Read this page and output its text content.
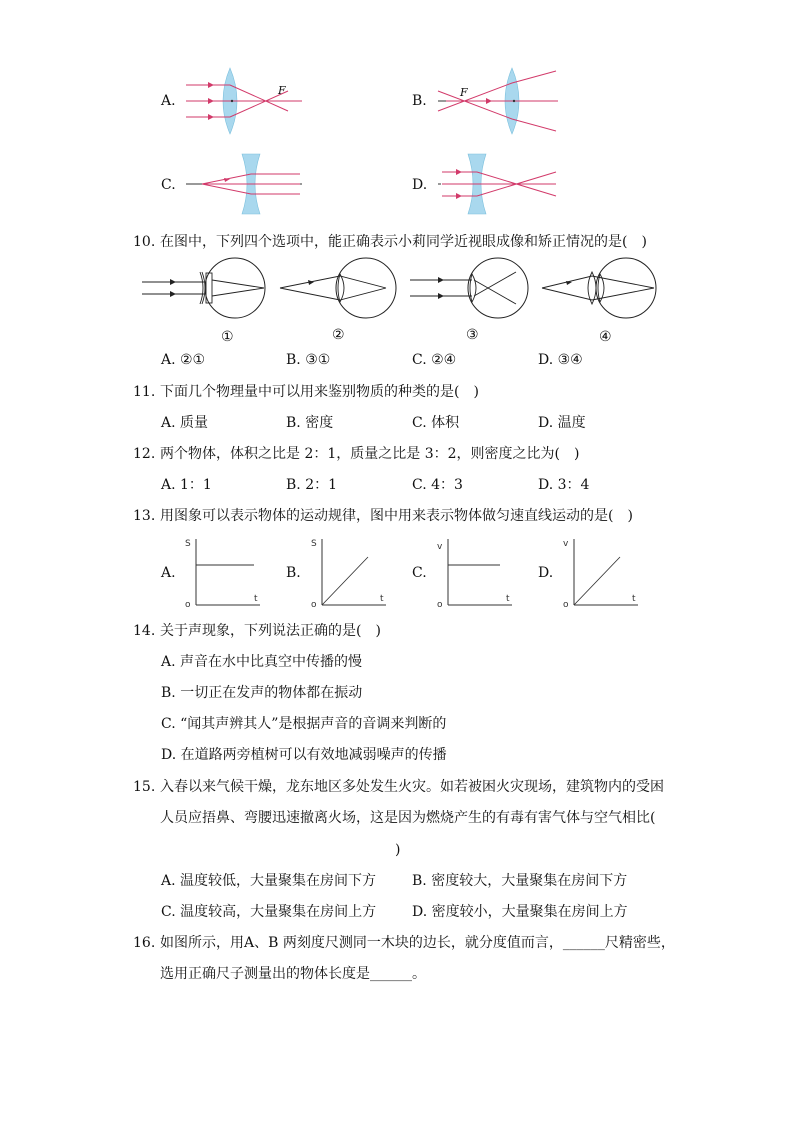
A.
F
B.
F
C.	D.
10. 在图中，下列四个选项中，能正确表示小莉同学近视眼成像和矫正情况的是(　)
①	②	③	④
A. ②①	B. ③①	C. ②④	D. ③④
11. 下面几个物理量中可以用来鉴别物质的种类的是(　)
A. 质量	B. 密度	C. 体积	D. 温度
12. 两个物体，体积之比是 2：1，质量之比是 3：2，则密度之比为(　)
A. 1：1	B. 2：1	C. 4：3	D. 3：4
13. 用图象可以表示物体的运动规律，图中用来表示物体做匀速直线运动的是(　)
A.	B.	C.	D.
S
t
o
S
t
o
v
t
o
v
t
o
14. 关于声现象，下列说法正确的是(　)
A. 声音在水中比真空中传播的慢
B. 一切正在发声的物体都在振动
C. “闻其声辨其人”是根据声音的音调来判断的
D. 在道路两旁植树可以有效地减弱噪声的传播
15. 入春以来气候干燥，龙东地区多处发生火灾。如若被困火灾现场，建筑物内的受困
人员应捂鼻、弯腰迅速撤离火场，这是因为燃烧产生的有毒有害气体与空气相比(
)
A. 温度较低，大量聚集在房间下方	B. 密度较大，大量聚集在房间下方
C. 温度较高，大量聚集在房间上方	D. 密度较小，大量聚集在房间上方
16. 如图所示，用A、B 两刻度尺测同一木块的边长，就分度值而言，______尺精密些，
选用正确尺子测量出的物体长度是______。
